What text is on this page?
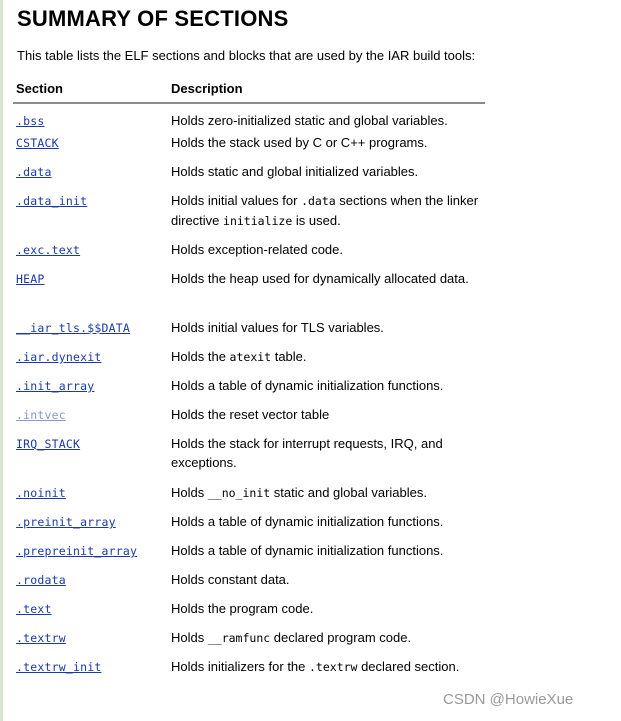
SUMMARY OF SECTIONS

This table lists the ELF sections and blocks that are used by the IAR build tools:

Section	Description
.bss	Holds zero-initialized static and global variables.
CSTACK	Holds the stack used by C or C++ programs.
.data	Holds static and global initialized variables.
.data_init	Holds initial values for .data sections when the linker directive initialize is used.
.exc.text	Holds exception-related code.
HEAP	Holds the heap used for dynamically allocated data.
__iar_tls.$$DATA	Holds initial values for TLS variables.
.iar.dynexit	Holds the atexit table.
.init_array	Holds a table of dynamic initialization functions.
.intvec	Holds the reset vector table
IRQ_STACK	Holds the stack for interrupt requests, IRQ, and exceptions.
.noinit	Holds __no_init static and global variables.
.preinit_array	Holds a table of dynamic initialization functions.
.prepreinit_array	Holds a table of dynamic initialization functions.
.rodata	Holds constant data.
.text	Holds the program code.
.textrw	Holds __ramfunc declared program code.
.textrw_init	Holds initializers for the .textrw declared section.
CSDN @HowieXue
